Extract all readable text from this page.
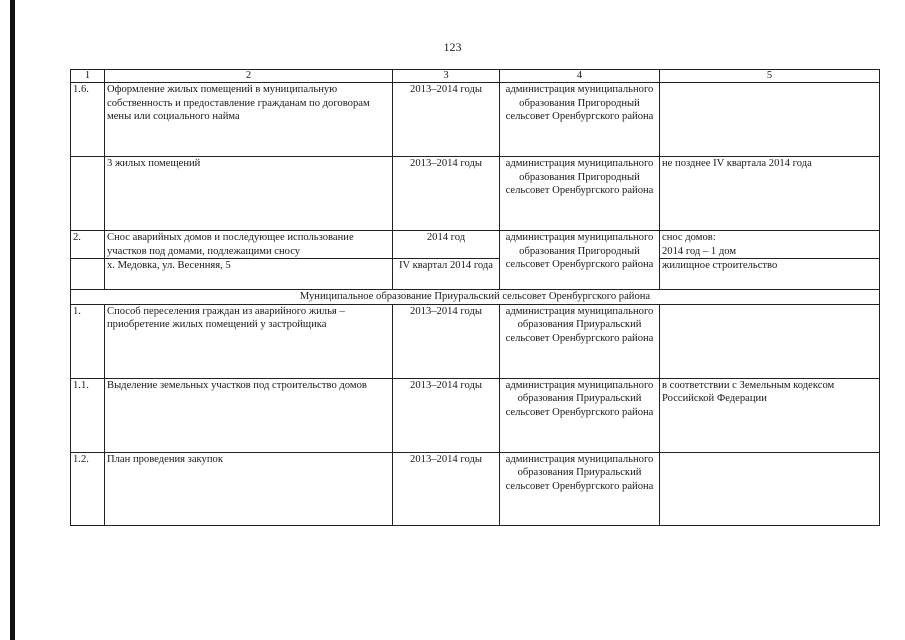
123
1	2	3	4	5
1.6.	Оформление жилых помещений в муниципальную собственность и предоставление гражданам по договорам мены или социального найма	2013–2014 годы	администрация муниципального образования Пригородный сельсовет Оренбургского района	
	3 жилых помещений	2013–2014 годы	администрация муниципального образования Пригородный сельсовет Оренбургского района	не позднее IV квартала 2014 года
2.	Снос аварийных домов и последующее использование участков под домами, подлежащими сносу	2014 год	администрация муниципального образования Пригородный сельсовет Оренбургского района	снос домов:
2014 год – 1 дом
	х. Медовка, ул. Весенняя, 5	IV квартал 2014 года		жилищное строительство
Муниципальное образование Приуральский сельсовет Оренбургского района				
1.	Способ переселения граждан из аварийного жилья – приобретение жилых помещений у застройщика	2013–2014 годы	администрация муниципального образования Приуральский сельсовет Оренбургского района	
1.1.	Выделение земельных участков под строительство домов	2013–2014 годы	администрация муниципального образования Приуральский сельсовет Оренбургского района	в соответствии с Земельным кодексом Российской Федерации
1.2.	План проведения закупок	2013–2014 годы	администрация муниципального образования Приуральский сельсовет Оренбургского района	
